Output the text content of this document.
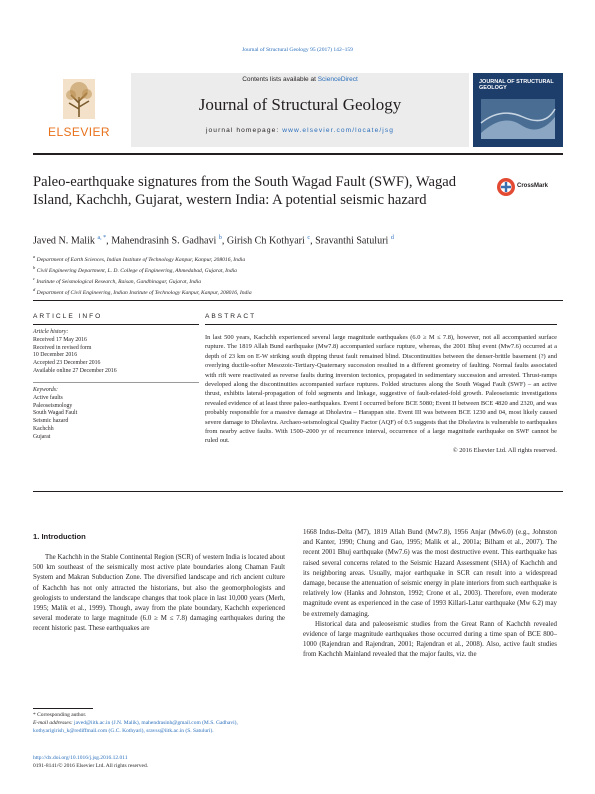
Journal of Structural Geology 95 (2017) 142–159
ELSEVIER
Contents lists available at ScienceDirect
Journal of Structural Geology
journal homepage: www.elsevier.com/locate/jsg
JOURNAL OF STRUCTURAL GEOLOGY
Paleo-earthquake signatures from the South Wagad Fault (SWF), Wagad Island, Kachchh, Gujarat, western India: A potential seismic hazard
CrossMark
Javed N. Malik $^{a, *}$, Mahendrasinh S. Gadhavi $^b$, Girish Ch Kothyari $^c$, Sravanthi Satuluri $^d$
$^a$ Department of Earth Sciences, Indian Institute of Technology Kanpur, Kanpur, 208016, India
$^b$ Civil Engineering Department, L. D. College of Engineering, Ahmedabad, Gujarat, India
$^c$ Institute of Seismological Research, Raisan, Gandhinagar, Gujarat, India
$^d$ Department of Civil Engineering, Indian Institute of Technology Kanpur, Kanpur, 208016, India
ARTICLE INFO	ABSTRACT
Article history:
Received 17 May 2016
Received in revised form
10 December 2016
Accepted 23 December 2016
Available online 27 December 2016
Keywords:
Active faults
Paleoseismology
South Wagad Fault
Seismic hazard
Kachchh
Gujarat
In last 500 years, Kachchh experienced several large magnitude earthquakes (6.0 ≥ M ≤ 7.8), however, not all accompanied surface rupture. The 1819 Allah Bund earthquake (Mw7.8) accompanied surface rupture, whereas, the 2001 Bhuj event (Mw7.6) occurred at a depth of 23 km on E-W striking south dipping thrust fault remained blind. Discontinuities between the denser-brittle basement (?) and overlying ductile-softer Mesozoic-Tertiary-Quaternary succession resulted in a different geometry of faulting. Normal faults associated with rift were reactivated as reverse faults during inversion tectonics, propagated in sedimentary succession and arrested. Thrust-ramps developed along the discontinuities accompanied surface ruptures. Folded structures along the South Wagad Fault (SWF) – an active thrust, exhibits lateral-propagation of fold segments and linkage, suggestive of fault-related-fold growth. Paleoseismic investigations revealed evidence of at least three paleo-earthquakes. Event I occurred before BCE 5080; Event II between BCE 4820 and 2320, and was probably responsible for a massive damage at Dholavira – Harappan site. Event III was between BCE 1230 and 04, most likely caused severe damage to Dholavira. Archaeo-seismological Quality Factor (AQF) of 0.5 suggests that the Dholavira is vulnerable to earthquakes from nearby active faults. With 1500–2000 yr of recurrence interval, occurrence of a large magnitude earthquake on SWF cannot be ruled out.
© 2016 Elsevier Ltd. All rights reserved.
1. Introduction

The Kachchh in the Stable Continental Region (SCR) of western India is located about 500 km southeast of the seismically most active plate boundaries along Chaman Fault System and Makran Subduction Zone. The diversified landscape and rich ancient culture of Kachchh has not only attracted the historians, but also the geomorphologists and geologists to understand the landscape changes that took place in last 10,000 years (Merh, 1995; Malik et al., 1999). Though, away from the plate boundary, Kachchh experienced several moderate to large magnitude (6.0 ≥ M ≤ 7.8) damaging earthquakes during the recent historic past. These earthquakes are

1668 Indus-Delta (M7), 1819 Allah Bund (Mw7.8), 1956 Anjar (Mw6.0) (e.g., Johnston and Kanter, 1990; Chung and Gao, 1995; Malik et al., 2001a; Bilham et al., 2007). The recent 2001 Bhuj earthquake (Mw7.6) was the most destructive event. This earthquake has raised several concerns related to the Seismic Hazard Assessment (SHA) of Kachchh and its neighboring areas. Usually, major earthquake in SCR can result into a widespread damage, because the attenuation of seismic energy in plate interiors from such earthquake is relatively low (Hanks and Johnston, 1992; Crone et al., 2003). Therefore, even moderate magnitude event as experienced in the case of 1993 Killari-Latur earthquake (Mw 6.2) may be extremely damaging.

Historical data and paleoseismic studies from the Great Rann of Kachchh revealed evidence of large magnitude earthquakes those occurred during a time span of BCE 800–1000 (Rajendran and Rajendran, 2001; Rajendran et al., 2008). Also, active fault studies from Kachchh Mainland revealed that the major faults, viz. the

* Corresponding author.
E-mail addresses: javed@iitk.ac.in (J.N. Malik), mahendrasinh@gmail.com (M.S. Gadhavi), kothyarigirish_k@rediffmail.com (G.C. Kothyari), sravss@iitk.ac.in (S. Satuluri).
http://dx.doi.org/10.1016/j.jsg.2016.12.011
0191-8141/© 2016 Elsevier Ltd. All rights reserved.
